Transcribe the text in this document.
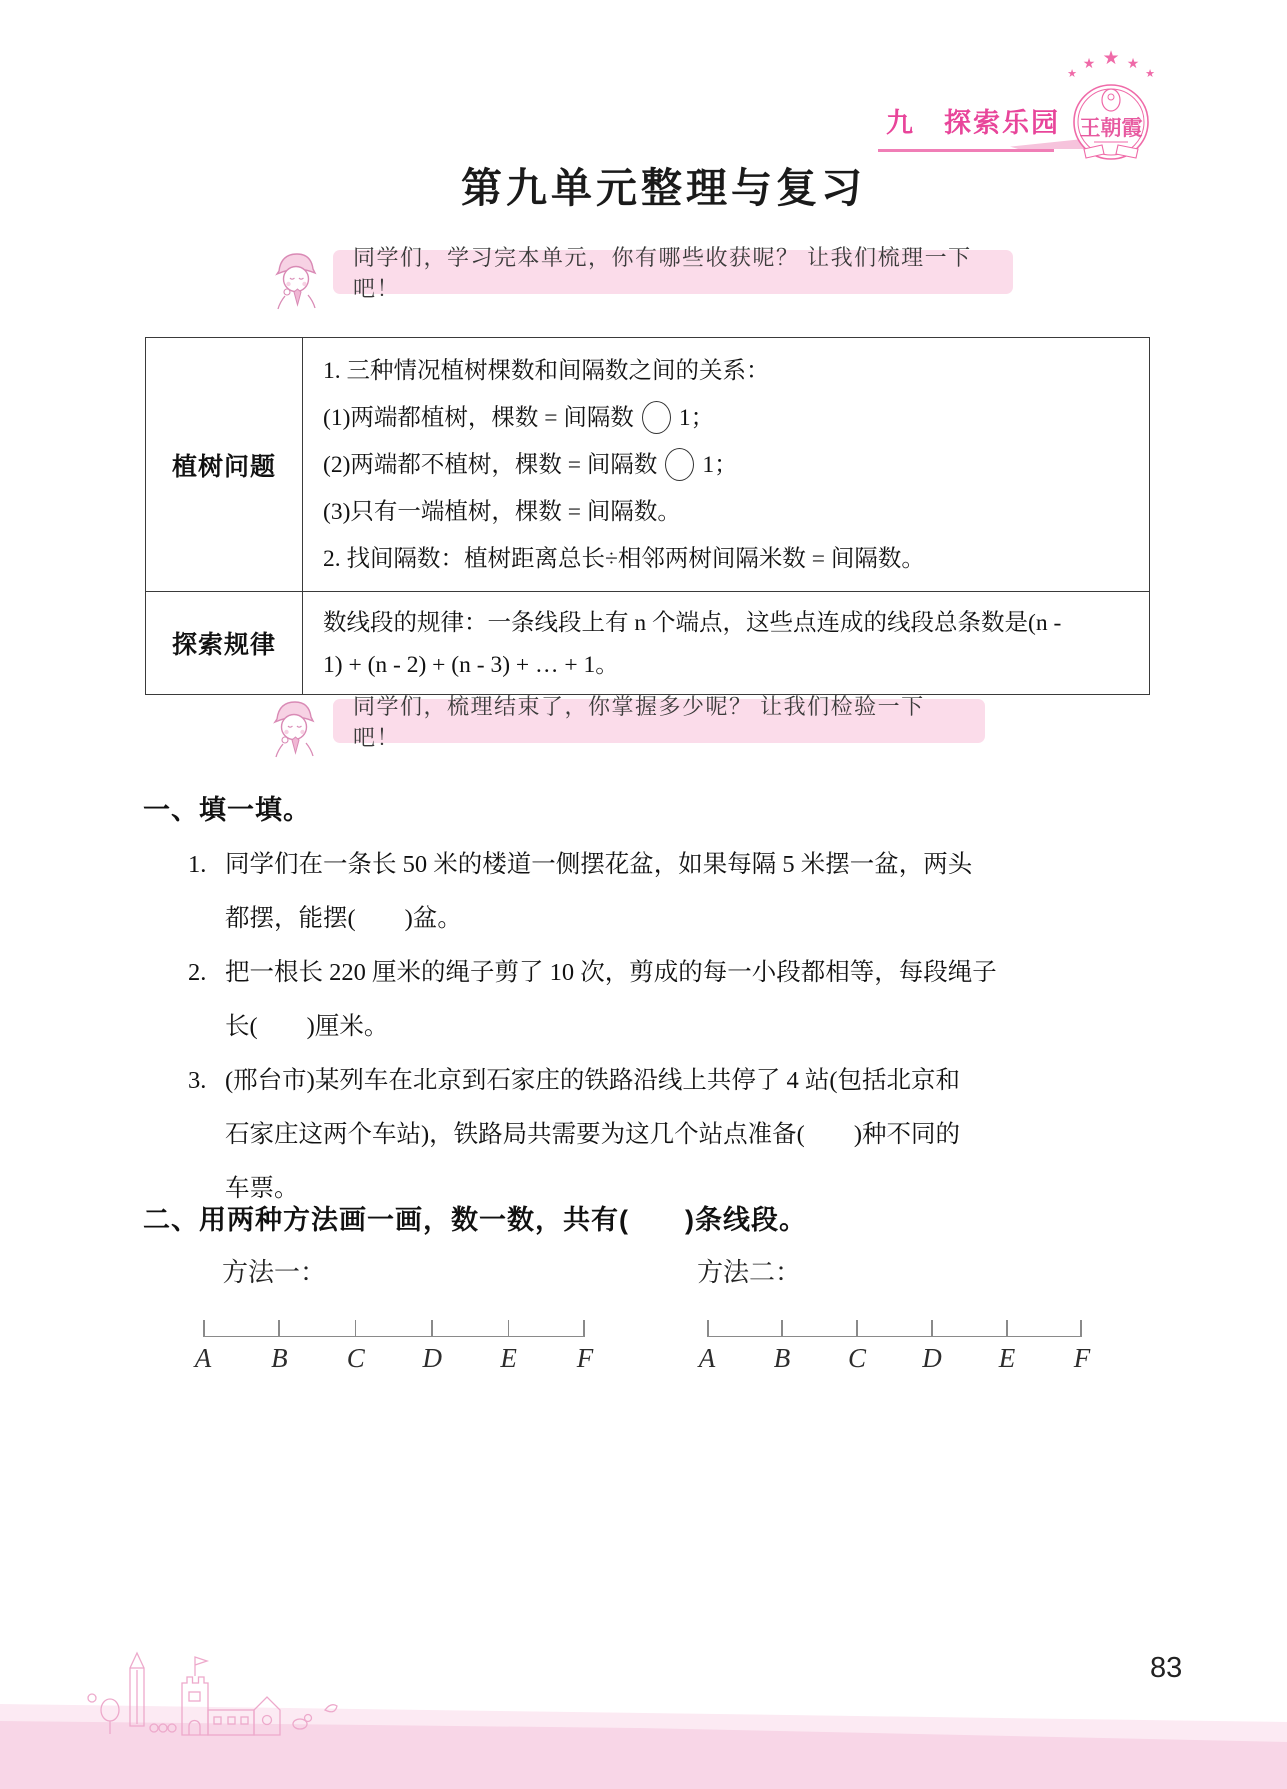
九　探索乐园
★
★ ★
★	★
王朝霞
第九单元整理与复习
同学们，学习完本单元，你有哪些收获呢？ 让我们梳理一下吧！
植树问题
1. 三种情况植树棵数和间隔数之间的关系：
(1)两端都植树，棵数 = 间隔数 1；
(2)两端都不植树，棵数 = 间隔数 1；
(3)只有一端植树，棵数 = 间隔数。
2. 找间隔数：植树距离总长÷相邻两树间隔米数 = 间隔数。
探索规律
数线段的规律：一条线段上有 n 个端点，这些点连成的线段总条数是(n -
1) + (n - 2) + (n - 3) + … + 1。
同学们，梳理结束了，你掌握多少呢？ 让我们检验一下吧！
一、填一填。
1. 同学们在一条长 50 米的楼道一侧摆花盆，如果每隔 5 米摆一盆，两头
都摆，能摆(　　)盆。
2. 把一根长 220 厘米的绳子剪了 10 次，剪成的每一小段都相等，每段绳子
长(　　)厘米。
3. (邢台市)某列车在北京到石家庄的铁路沿线上共停了 4 站(包括北京和
石家庄这两个车站)，铁路局共需要为这几个站点准备(　　)种不同的
车票。
二、用两种方法画一画，数一数，共有(　　)条线段。
方法一：	方法二：
A B C D E F	A B C D E F
83
